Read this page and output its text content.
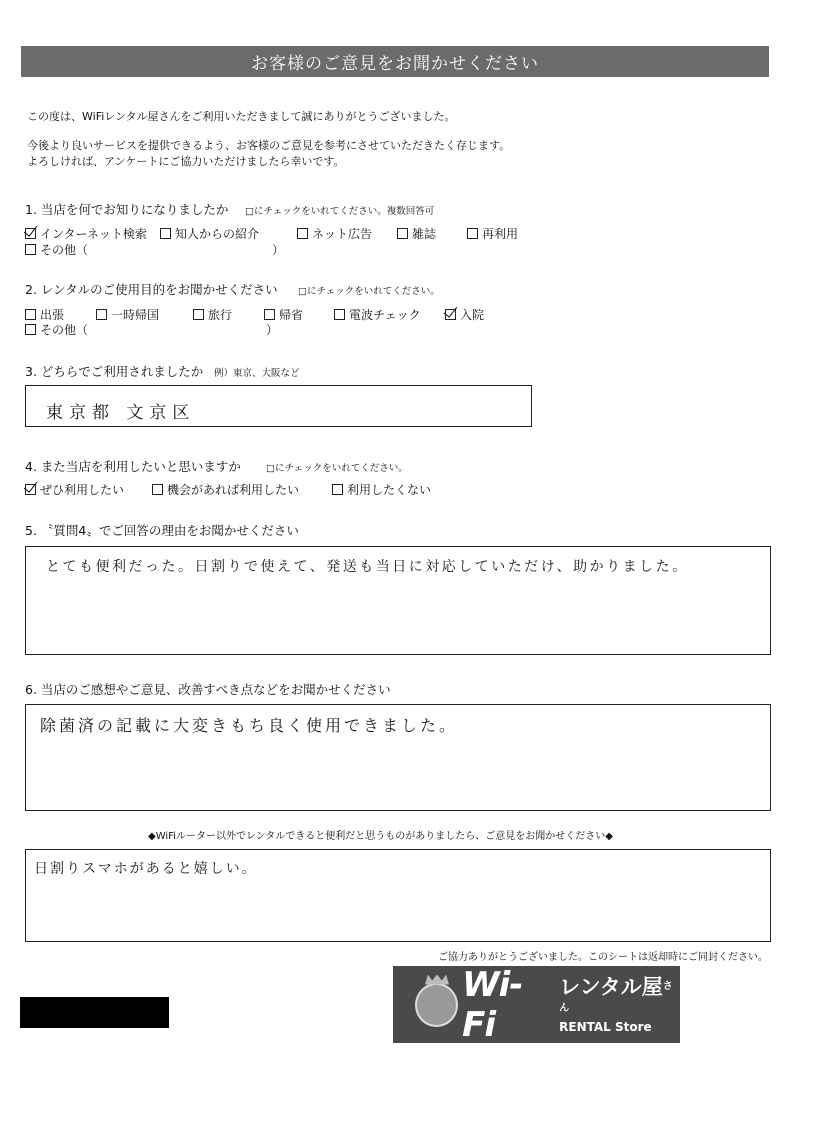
お客様のご意見をお聞かせください
この度は、WiFiレンタル屋さんをご利用いただきまして誠にありがとうございました。
今後より良いサービスを提供できるよう、お客様のご意見を参考にさせていただきたく存じます。
よろしければ、アンケートにご協力いただけましたら幸いです。
1. 当店を何でお知りになりましたか □にチェックをいれてください。複数回答可
インターネット検索	知人からの紹介	ネット広告	雑誌	再利用
その他（	）
2. レンタルのご使用目的をお聞かせください □にチェックをいれてください。
出張	一時帰国	旅行	帰省	電波チェック	入院
その他（	）
3. どちらでご利用されましたか 例）東京、大阪など
東京都 文京区
4. また当店を利用したいと思いますか	□にチェックをいれてください。
ぜひ利用したい	機会があれば利用したい	利用したくない
5. 〝質問4〟でご回答の理由をお聞かせください
とても便利だった。日割りで使えて、発送も当日に対応していただけ、助かりました。
6. 当店のご感想やご意見、改善すべき点などをお聞かせください
除菌済の記載に大変きもち良く使用できました。
◆WiFiルーター以外でレンタルできると便利だと思うものがありましたら、ご意見をお聞かせください◆
日割りスマホがあると嬉しい。
ご協力ありがとうございました。このシートは返却時にご同封ください。
Wi-Fi
レンタル屋$^{さん}$
RENTAL Store
